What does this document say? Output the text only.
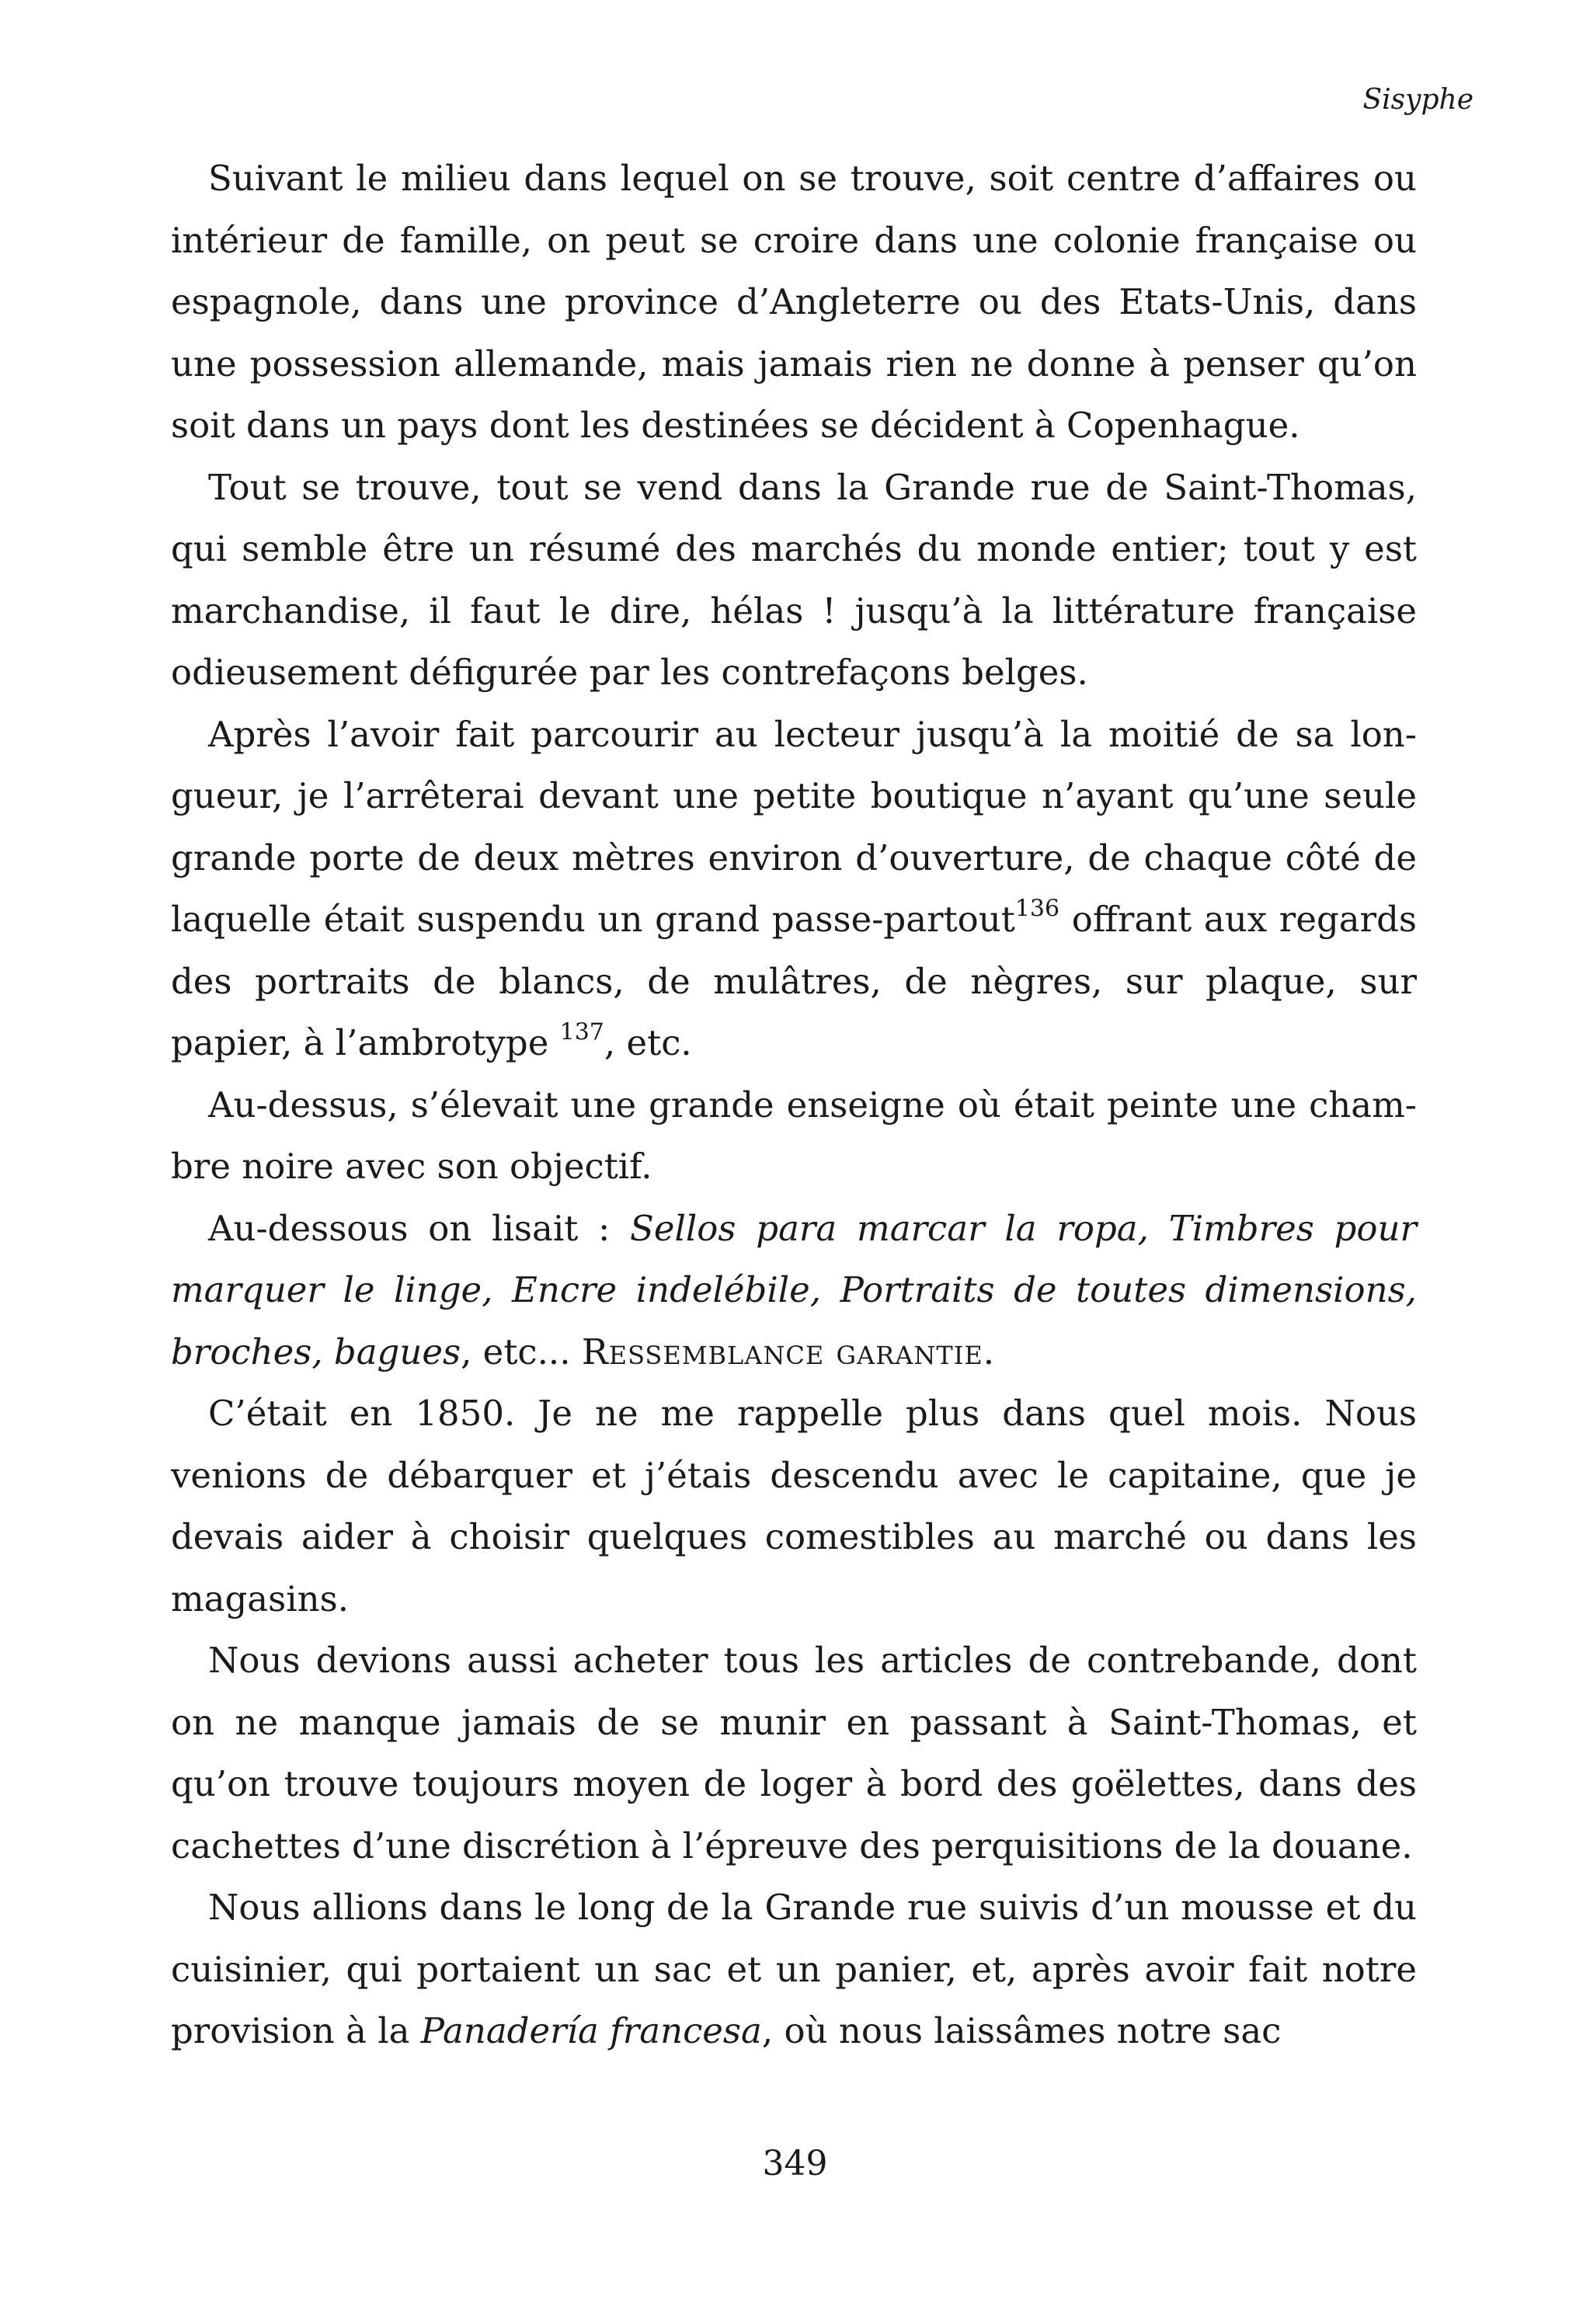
Sisyphe

Suivant le milieu dans lequel on se trouve, soit centre d’affaires ou intérieur de famille, on peut se croire dans une colonie française ou espagnole, dans une province d’Angleterre ou des Etats-Unis, dans une possession allemande, mais jamais rien ne donne à penser qu’on soit dans un pays dont les destinées se décident à Copenhague.

Tout se trouve, tout se vend dans la Grande rue de Saint-Thomas, qui semble être un résumé des marchés du monde entier; tout y est marchandise, il faut le dire, hélas ! jusqu’à la littérature française odieusement défigurée par les contrefaçons belges.

Après l’avoir fait parcourir au lecteur jusqu’à la moitié de sa longueur, je l’arrêterai devant une petite boutique n’ayant qu’une seule grande porte de deux mètres environ d’ouverture, de chaque côté de laquelle était suspendu un grand passe-partout$^{136}$ offrant aux regards des portraits de blancs, de mulâtres, de nègres, sur plaque, sur papier, à l’ambrotype $^{137}$, etc.

Au-dessus, s’élevait une grande enseigne où était peinte une chambre noire avec son objectif.

Au-dessous on lisait : Sellos para marcar la ropa, Timbres pour marquer le linge, Encre indelébile, Portraits de toutes dimensions, broches, bagues, etc... Ressemblance garantie.

C’était en 1850. Je ne me rappelle plus dans quel mois. Nous venions de débarquer et j’étais descendu avec le capitaine, que je devais aider à choisir quelques comestibles au marché ou dans les magasins.

Nous devions aussi acheter tous les articles de contrebande, dont on ne manque jamais de se munir en passant à Saint-Thomas, et qu’on trouve toujours moyen de loger à bord des goëlettes, dans des cachettes d’une discrétion à l’épreuve des perquisitions de la douane.

Nous allions dans le long de la Grande rue suivis d’un mousse et du cuisinier, qui portaient un sac et un panier, et, après avoir fait notre provision à la Panadería francesa, où nous laissâmes notre sac

349
